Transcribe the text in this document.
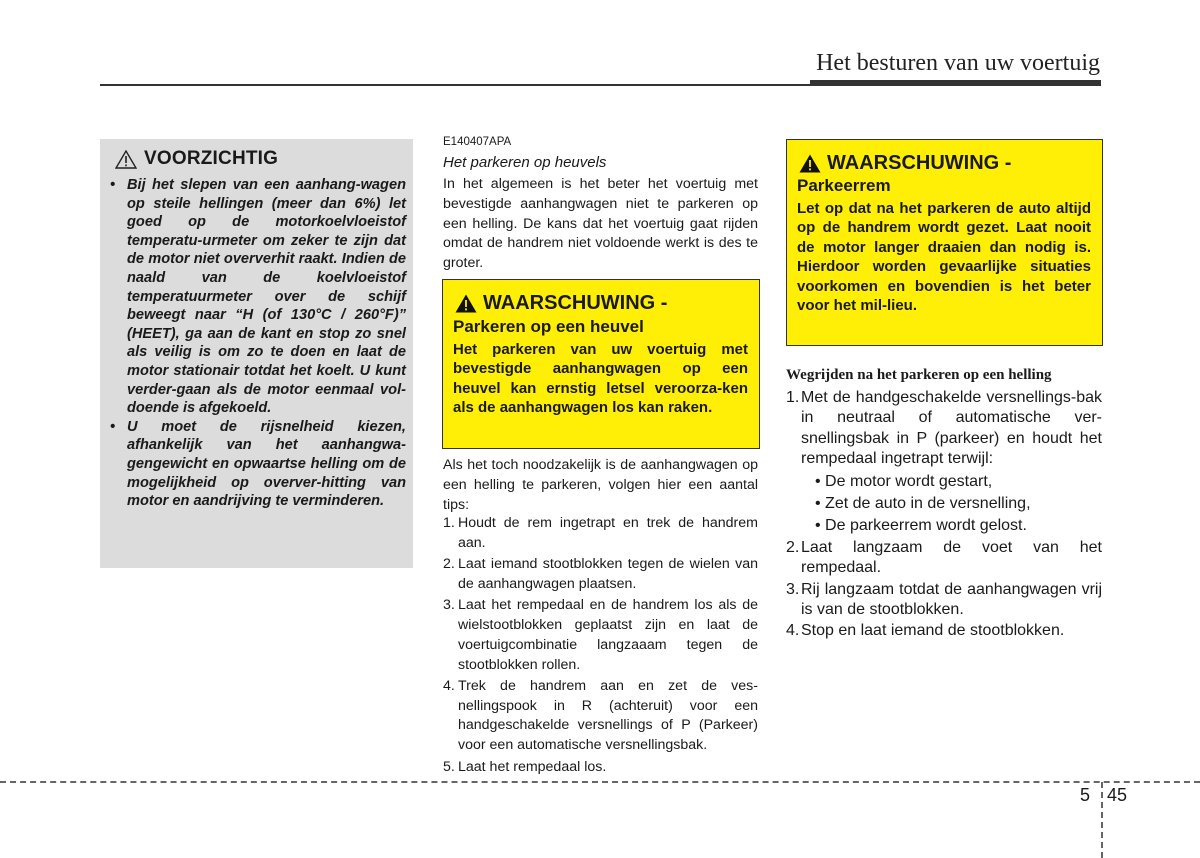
Het besturen van uw voertuig
VOORZICHTIG
• Bij het slepen van een aanhang-wagen op steile hellingen (meer dan 6%) let goed op de motorkoelvloeistof temperatu-urmeter om zeker te zijn dat de motor niet oververhit raakt. Indien de naald van de koelvloeistof temperatuurmeter over de schijf beweegt naar “H (of 130°C / 260°F)” (HEET), ga aan de kant en stop zo snel als veilig is om zo te doen en laat de motor stationair totdat het koelt. U kunt verder-gaan als de motor eenmaal vol-doende is afgekoeld.
• U moet de rijsnelheid kiezen, afhankelijk van het aanhangwa-gengewicht en opwaartse helling om de mogelijkheid op overver-hitting van motor en aandrijving te verminderen.
E140407APA
Het parkeren op heuvels
In het algemeen is het beter het voertuig met bevestigde aanhangwagen niet te parkeren op een helling. De kans dat het voertuig gaat rijden omdat de handrem niet voldoende werkt is des te groter.
WAARSCHUWING -
Parkeren op een heuvel
Het parkeren van uw voertuig met bevestigde aanhangwagen op een heuvel kan ernstig letsel veroorza-ken als de aanhangwagen los kan raken.
Als het toch noodzakelijk is de aanhangwagen op een helling te parkeren, volgen hier een aantal tips:
1. Houdt de rem ingetrapt en trek de handrem aan.
2. Laat iemand stootblokken tegen de wielen van de aanhangwagen plaatsen.
3. Laat het rempedaal en de handrem los als de wielstootblokken geplaatst zijn en laat de voertuigcombinatie langzaaam tegen de stootblokken rollen.
4. Trek de handrem aan en zet de ves-nellingspook in R (achteruit) voor een handgeschakelde versnellings of P (Parkeer) voor een automatische versnellingsbak.
5. Laat het rempedaal los.
WAARSCHUWING -
Parkeerrem
Let op dat na het parkeren de auto altijd op de handrem wordt gezet. Laat nooit de motor langer draaien dan nodig is. Hierdoor worden gevaarlijke situaties voorkomen en bovendien is het beter voor het mil-lieu.
Wegrijden na het parkeren op een helling
1. Met de handgeschakelde versnellings-bak in neutraal of automatische ver-snellingsbak in P (parkeer) en houdt het rempedaal ingetrapt terwijl:
• De motor wordt gestart,
• Zet de auto in de versnelling,
• De parkeerrem wordt gelost.
2. Laat langzaam de voet van het rempedaal.
3. Rij langzaam totdat de aanhangwagen vrij is van de stootblokken.
4. Stop en laat iemand de stootblokken.
5 45
